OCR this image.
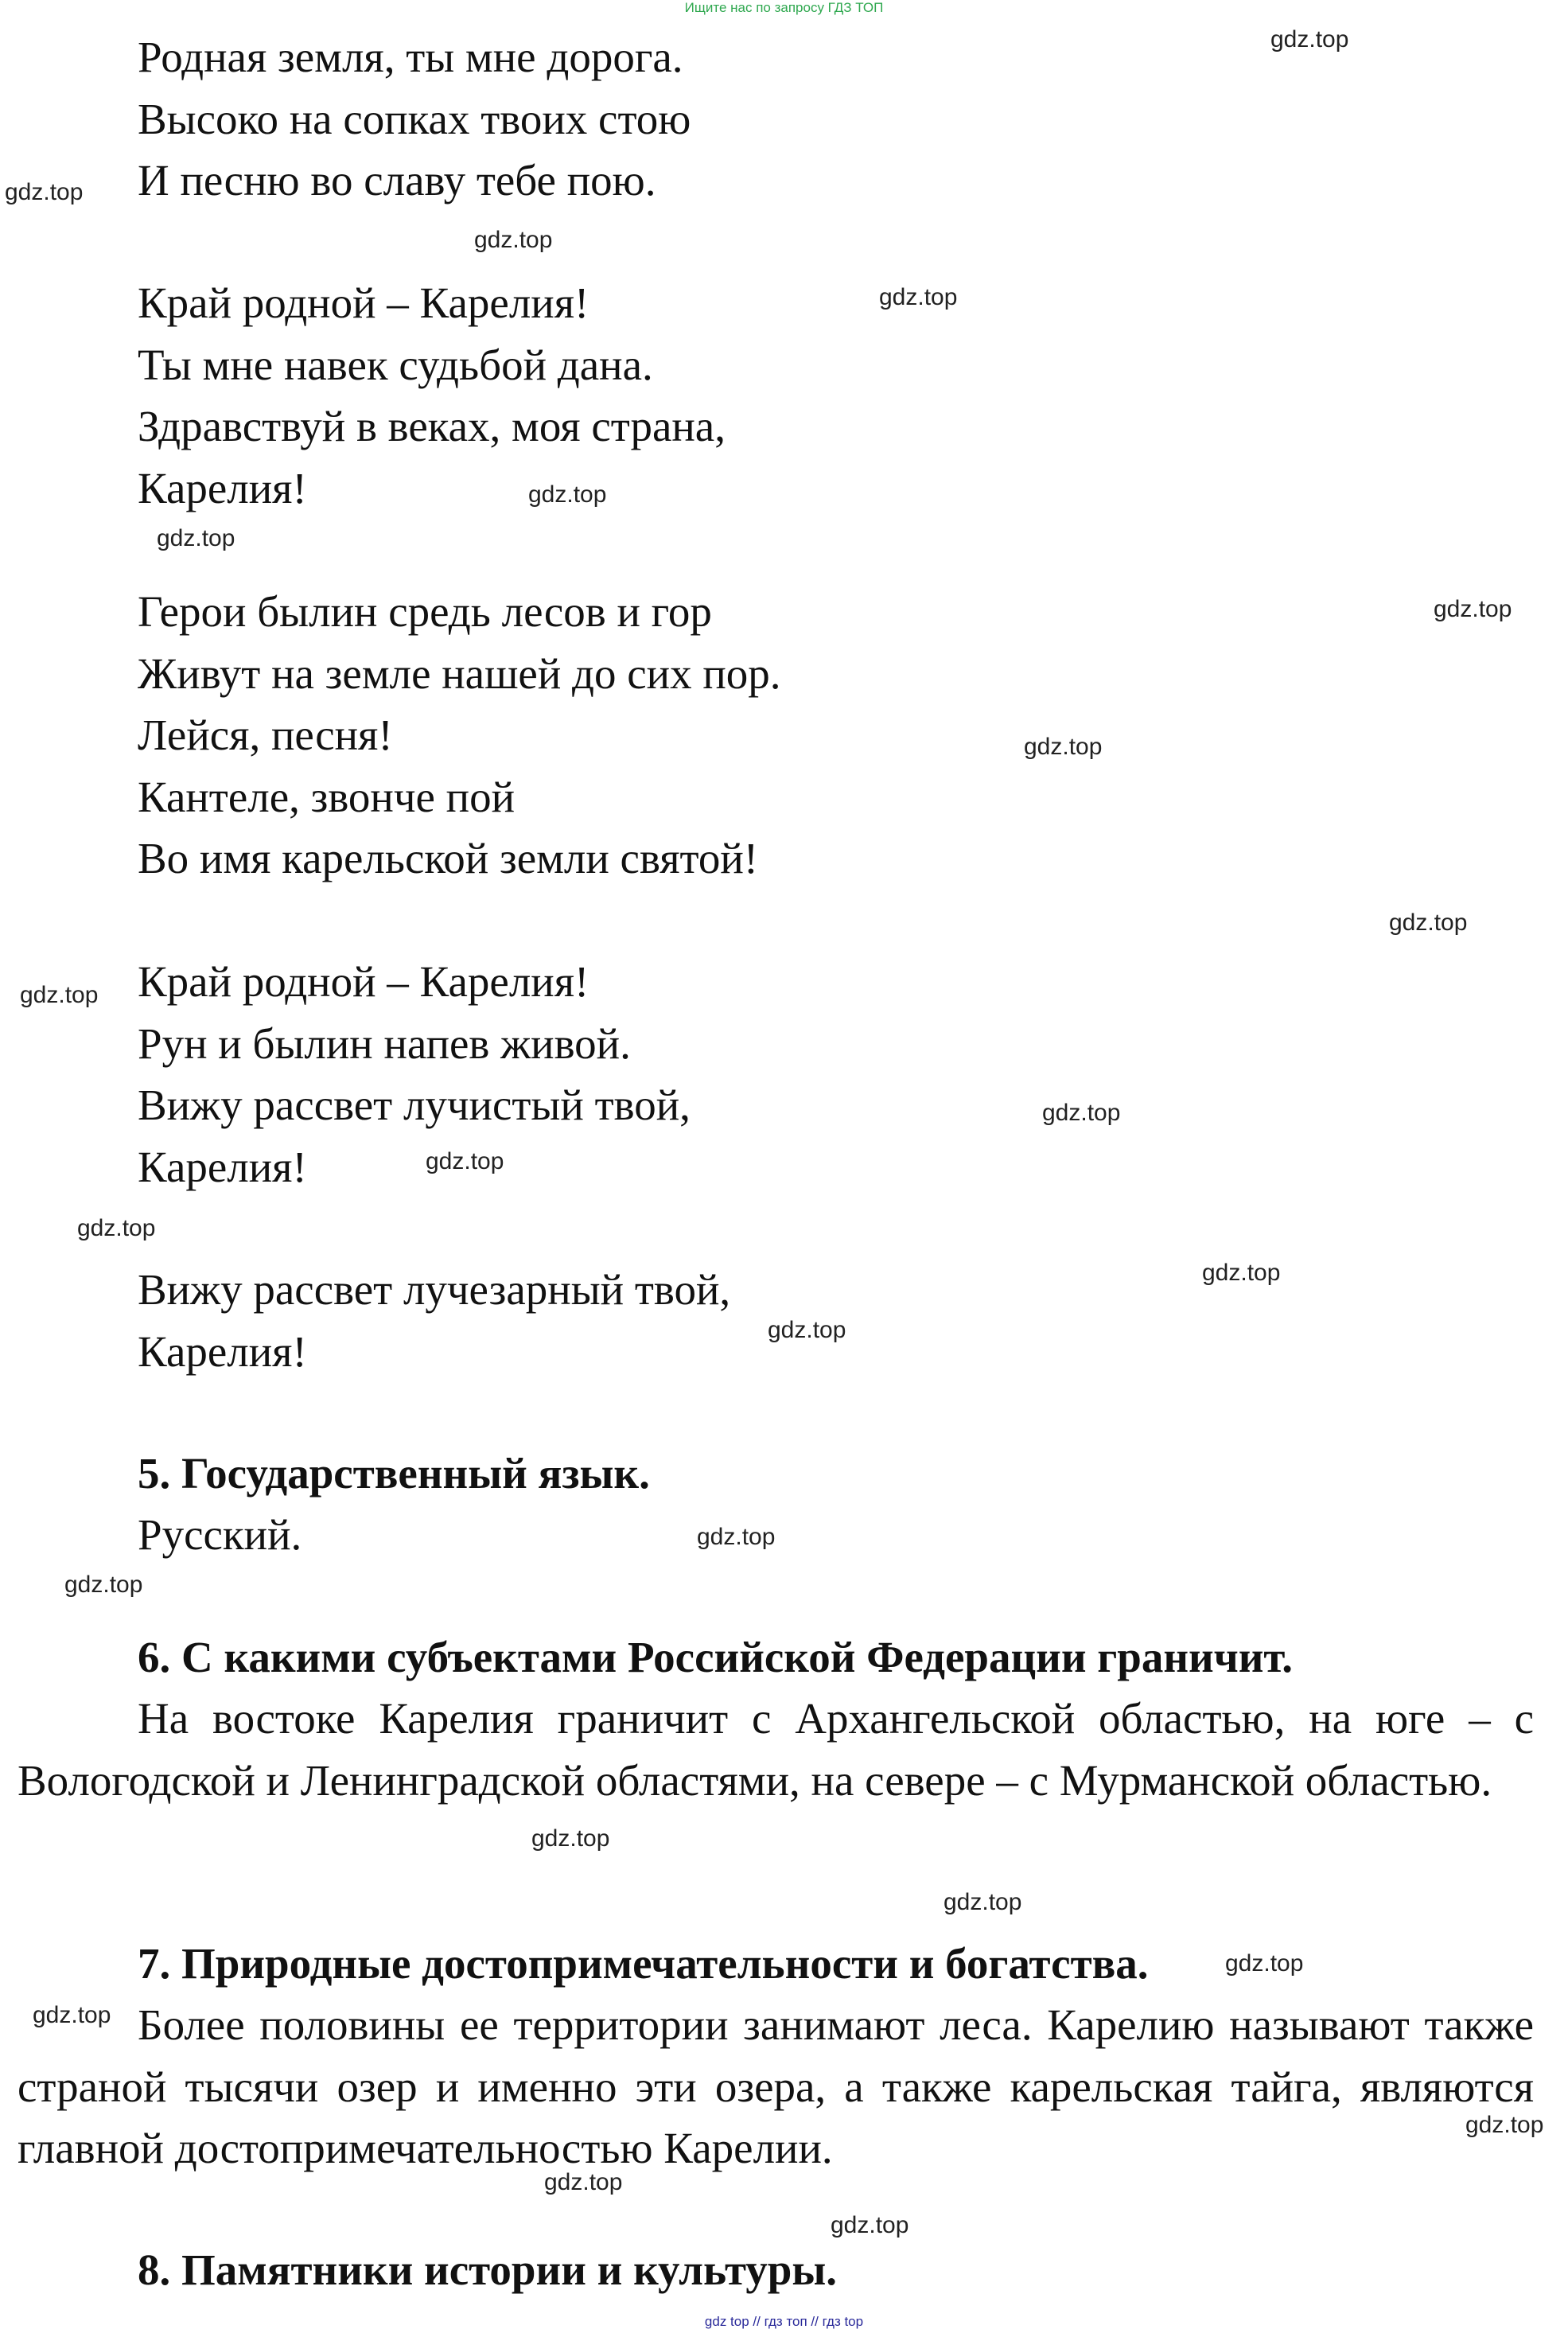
Ищите нас по запросу ГДЗ ТОП
Родная земля, ты мне дорога.
Высоко на сопках твоих стою
И песню во славу тебе пою.
Край родной – Карелия!
Ты мне навек судьбой дана.
Здравствуй в веках, моя страна,
Карелия!
Герои былин средь лесов и гор
Живут на земле нашей до сих пор.
Лейся, песня!
Кантеле, звонче пой
Во имя карельской земли святой!
Край родной – Карелия!
Рун и былин напев живой.
Вижу рассвет лучистый твой,
Карелия!
Вижу рассвет лучезарный твой,
Карелия!
5. Государственный язык.
Русский.
6. С какими субъектами Российской Федерации граничит.

На востоке Карелия граничит с Архангельской областью, на юге – с Вологодской и Ленинградской областями, на севере – с Мурманской областью.

7. Природные достопримечательности и богатства.

Более половины ее территории занимают леса. Карелию называют также страной тысячи озер и именно эти озера, а также карельская тайга, являются главной достопримечательностью Карелии.

8. Памятники истории и культуры.
gdz.top
gdz.top
gdz.top
gdz.top
gdz.top
gdz.top
gdz.top
gdz.top
gdz.top
gdz.top
gdz.top
gdz.top
gdz.top
gdz.top
gdz.top
gdz.top
gdz.top
gdz.top
gdz.top
gdz.top
gdz.top
gdz.top
gdz.top
gdz.top
gdz top // гдз топ // гдз top
